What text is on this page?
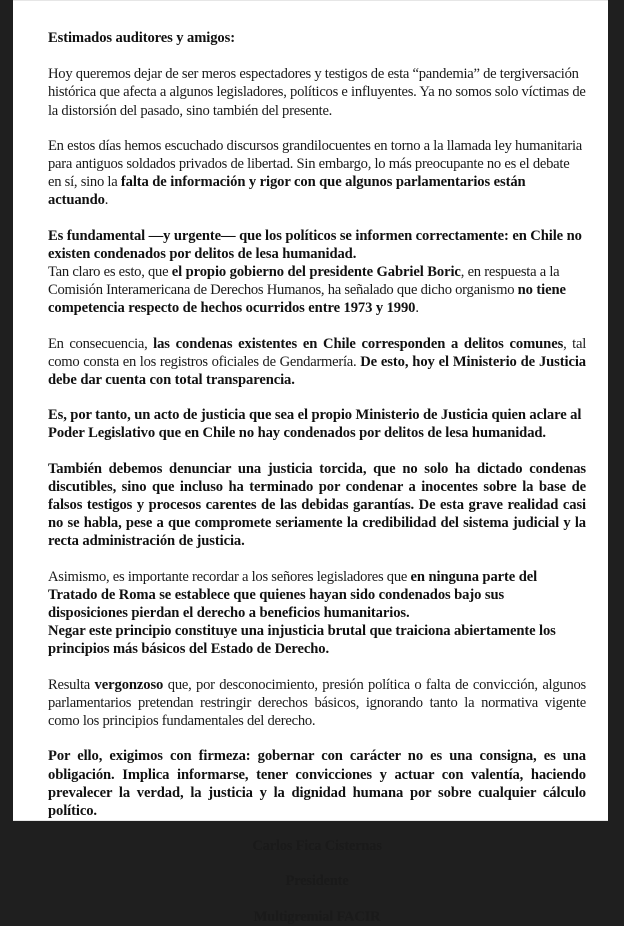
Estimados auditores y amigos:

Hoy queremos dejar de ser meros espectadores y testigos de esta “pandemia” de tergiversación histórica que afecta a algunos legisladores, políticos e influyentes. Ya no somos solo víctimas de la distorsión del pasado, sino también del presente.

En estos días hemos escuchado discursos grandilocuentes en torno a la llamada ley humanitaria para antiguos soldados privados de libertad. Sin embargo, lo más preocupante no es el debate en sí, sino la falta de información y rigor con que algunos parlamentarios están actuando.

Es fundamental —y urgente— que los políticos se informen correctamente: en Chile no existen condenados por delitos de lesa humanidad.

Tan claro es esto, que el propio gobierno del presidente Gabriel Boric, en respuesta a la Comisión Interamericana de Derechos Humanos, ha señalado que dicho organismo no tiene competencia respecto de hechos ocurridos entre 1973 y 1990.

En consecuencia, las condenas existentes en Chile corresponden a delitos comunes, tal como consta en los registros oficiales de Gendarmería. De esto, hoy el Ministerio de Justicia debe dar cuenta con total transparencia.

Es, por tanto, un acto de justicia que sea el propio Ministerio de Justicia quien aclare al Poder Legislativo que en Chile no hay condenados por delitos de lesa humanidad.

También debemos denunciar una justicia torcida, que no solo ha dictado condenas discutibles, sino que incluso ha terminado por condenar a inocentes sobre la base de falsos testigos y procesos carentes de las debidas garantías. De esta grave realidad casi no se habla, pese a que compromete seriamente la credibilidad del sistema judicial y la recta administración de justicia.

Asimismo, es importante recordar a los señores legisladores que en ninguna parte del Tratado de Roma se establece que quienes hayan sido condenados bajo sus disposiciones pierdan el derecho a beneficios humanitarios.
Negar este principio constituye una injusticia brutal que traiciona abiertamente los principios más básicos del Estado de Derecho.

Resulta vergonzoso que, por desconocimiento, presión política o falta de convicción, algunos parlamentarios pretendan restringir derechos básicos, ignorando tanto la normativa vigente como los principios fundamentales del derecho.

Por ello, exigimos con firmeza: gobernar con carácter no es una consigna, es una obligación. Implica informarse, tener convicciones y actuar con valentía, haciendo prevalecer la verdad, la justicia y la dignidad humana por sobre cualquier cálculo político.

Carlos Fica Cisternas

Presidente

Multigremial FACIR
